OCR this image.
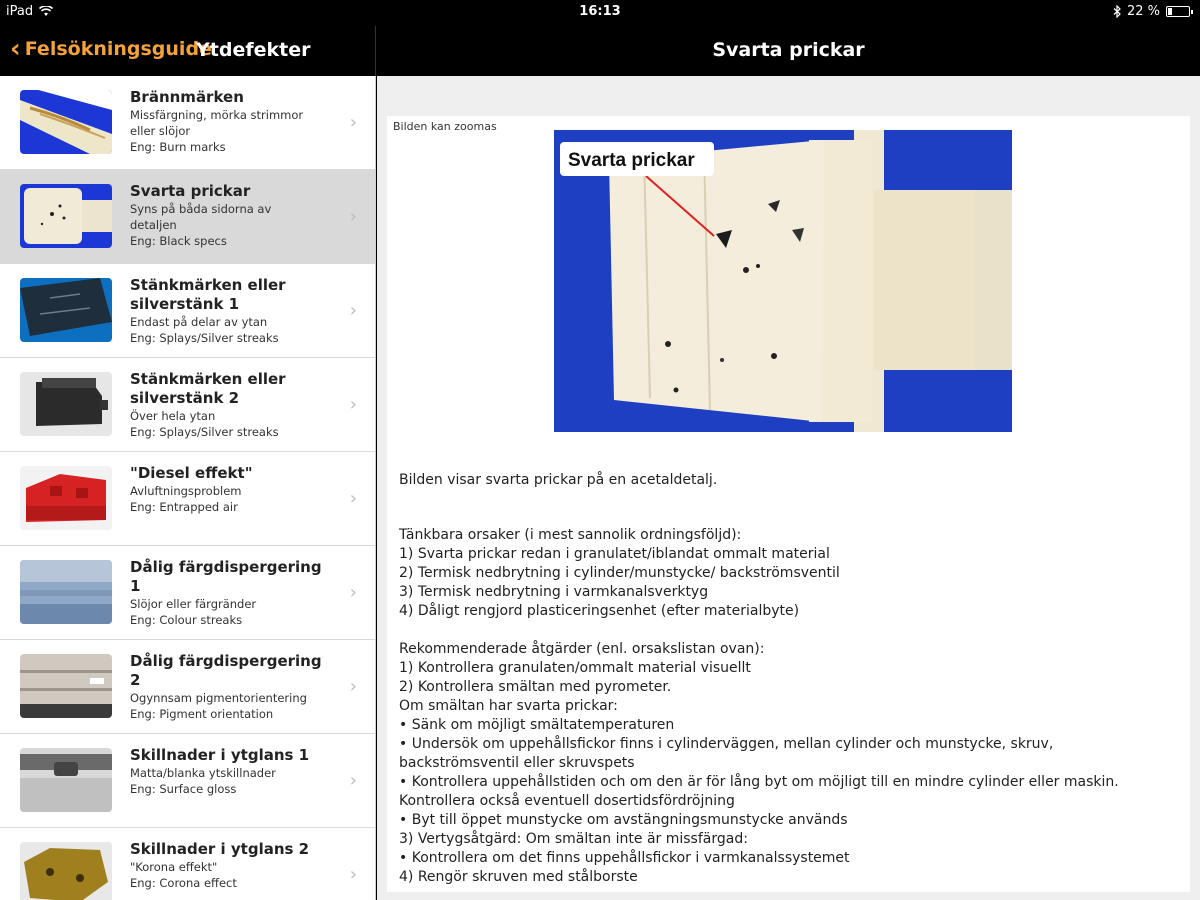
iPad	16:13	22 %
‹ Felsökningsguide
Ytdefekter	Svarta prickar
Brännmärken
Missfärgning, mörka strimmor
eller slöjor
Eng: Burn marks
›
Svarta prickar
Syns på båda sidorna av
detaljen
Eng: Black specs
›
Stänkmärken eller silverstänk 1
Endast på delar av ytan
Eng: Splays/Silver streaks
›
Stänkmärken eller silverstänk 2
Över hela ytan
Eng: Splays/Silver streaks
›
"Diesel effekt"
Avluftningsproblem
Eng: Entrapped air	›
Dålig färgdispergering 1
Slöjor eller färgränder
Eng: Colour streaks
›
Dålig färgdispergering 2
Ogynnsam pigmentorientering
Eng: Pigment orientation
›
Skillnader i ytglans 1
Matta/blanka ytskillnader
Eng: Surface gloss	›
Skillnader i ytglans 2
"Korona effekt"
Eng: Corona effect	›
Bilden kan zoomas
Svarta prickar
Bilden visar svarta prickar på en acetaldetalj.

Tänkbara orsaker (i mest sannolik ordningsföljd):

1) Svarta prickar redan i granulatet/iblandat ommalt material

2) Termisk nedbrytning i cylinder/munstycke/ backströmsventil

3) Termisk nedbrytning i varmkanalsverktyg

4) Dåligt rengjord plasticeringsenhet (efter materialbyte)

Rekommenderade åtgärder (enl. orsakslistan ovan):

1) Kontrollera granulaten/ommalt material visuellt

2) Kontrollera smältan med pyrometer.

Om smältan har svarta prickar:

• Sänk om möjligt smältatemperaturen

• Undersök om uppehållsfickor finns i cylinderväggen, mellan cylinder och munstycke, skruv,

backströmsventil eller skruvspets

• Kontrollera uppehållstiden och om den är för lång byt om möjligt till en mindre cylinder eller maskin.

Kontrollera också eventuell dosertidsfördröjning

• Byt till öppet munstycke om avstängningsmunstycke används

3) Vertygsåtgärd: Om smältan inte är missfärgad:

• Kontrollera om det finns uppehållsfickor i varmkanalssystemet

4) Rengör skruven med stålborste
